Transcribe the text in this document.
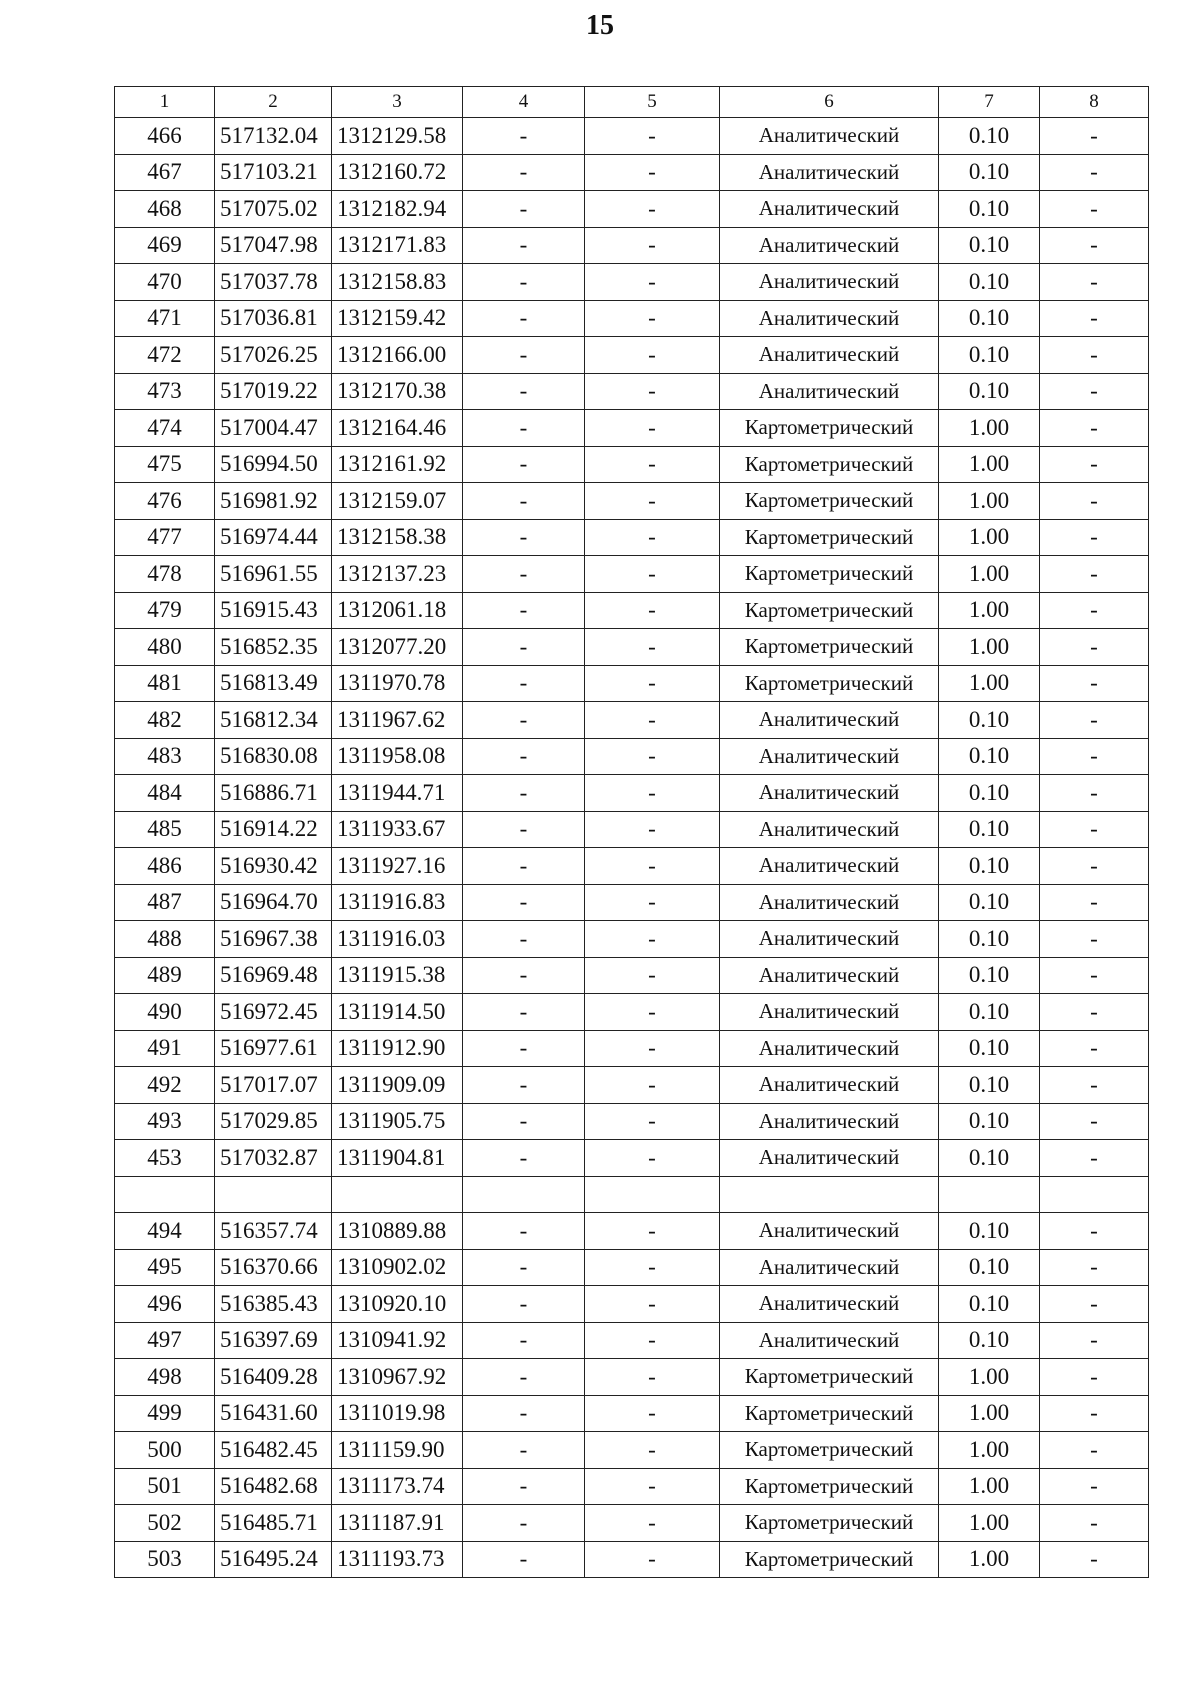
15
1	2	3	4	5	6	7	8
466	517132.04	1312129.58	-	-	Аналитический	0.10	-
467	517103.21	1312160.72	-	-	Аналитический	0.10	-
468	517075.02	1312182.94	-	-	Аналитический	0.10	-
469	517047.98	1312171.83	-	-	Аналитический	0.10	-
470	517037.78	1312158.83	-	-	Аналитический	0.10	-
471	517036.81	1312159.42	-	-	Аналитический	0.10	-
472	517026.25	1312166.00	-	-	Аналитический	0.10	-
473	517019.22	1312170.38	-	-	Аналитический	0.10	-
474	517004.47	1312164.46	-	-	Картометрический	1.00	-
475	516994.50	1312161.92	-	-	Картометрический	1.00	-
476	516981.92	1312159.07	-	-	Картометрический	1.00	-
477	516974.44	1312158.38	-	-	Картометрический	1.00	-
478	516961.55	1312137.23	-	-	Картометрический	1.00	-
479	516915.43	1312061.18	-	-	Картометрический	1.00	-
480	516852.35	1312077.20	-	-	Картометрический	1.00	-
481	516813.49	1311970.78	-	-	Картометрический	1.00	-
482	516812.34	1311967.62	-	-	Аналитический	0.10	-
483	516830.08	1311958.08	-	-	Аналитический	0.10	-
484	516886.71	1311944.71	-	-	Аналитический	0.10	-
485	516914.22	1311933.67	-	-	Аналитический	0.10	-
486	516930.42	1311927.16	-	-	Аналитический	0.10	-
487	516964.70	1311916.83	-	-	Аналитический	0.10	-
488	516967.38	1311916.03	-	-	Аналитический	0.10	-
489	516969.48	1311915.38	-	-	Аналитический	0.10	-
490	516972.45	1311914.50	-	-	Аналитический	0.10	-
491	516977.61	1311912.90	-	-	Аналитический	0.10	-
492	517017.07	1311909.09	-	-	Аналитический	0.10	-
493	517029.85	1311905.75	-	-	Аналитический	0.10	-
453	517032.87	1311904.81	-	-	Аналитический	0.10	-

494	516357.74	1310889.88	-	-	Аналитический	0.10	-
495	516370.66	1310902.02	-	-	Аналитический	0.10	-
496	516385.43	1310920.10	-	-	Аналитический	0.10	-
497	516397.69	1310941.92	-	-	Аналитический	0.10	-
498	516409.28	1310967.92	-	-	Картометрический	1.00	-
499	516431.60	1311019.98	-	-	Картометрический	1.00	-
500	516482.45	1311159.90	-	-	Картометрический	1.00	-
501	516482.68	1311173.74	-	-	Картометрический	1.00	-
502	516485.71	1311187.91	-	-	Картометрический	1.00	-
503	516495.24	1311193.73	-	-	Картометрический	1.00	-
